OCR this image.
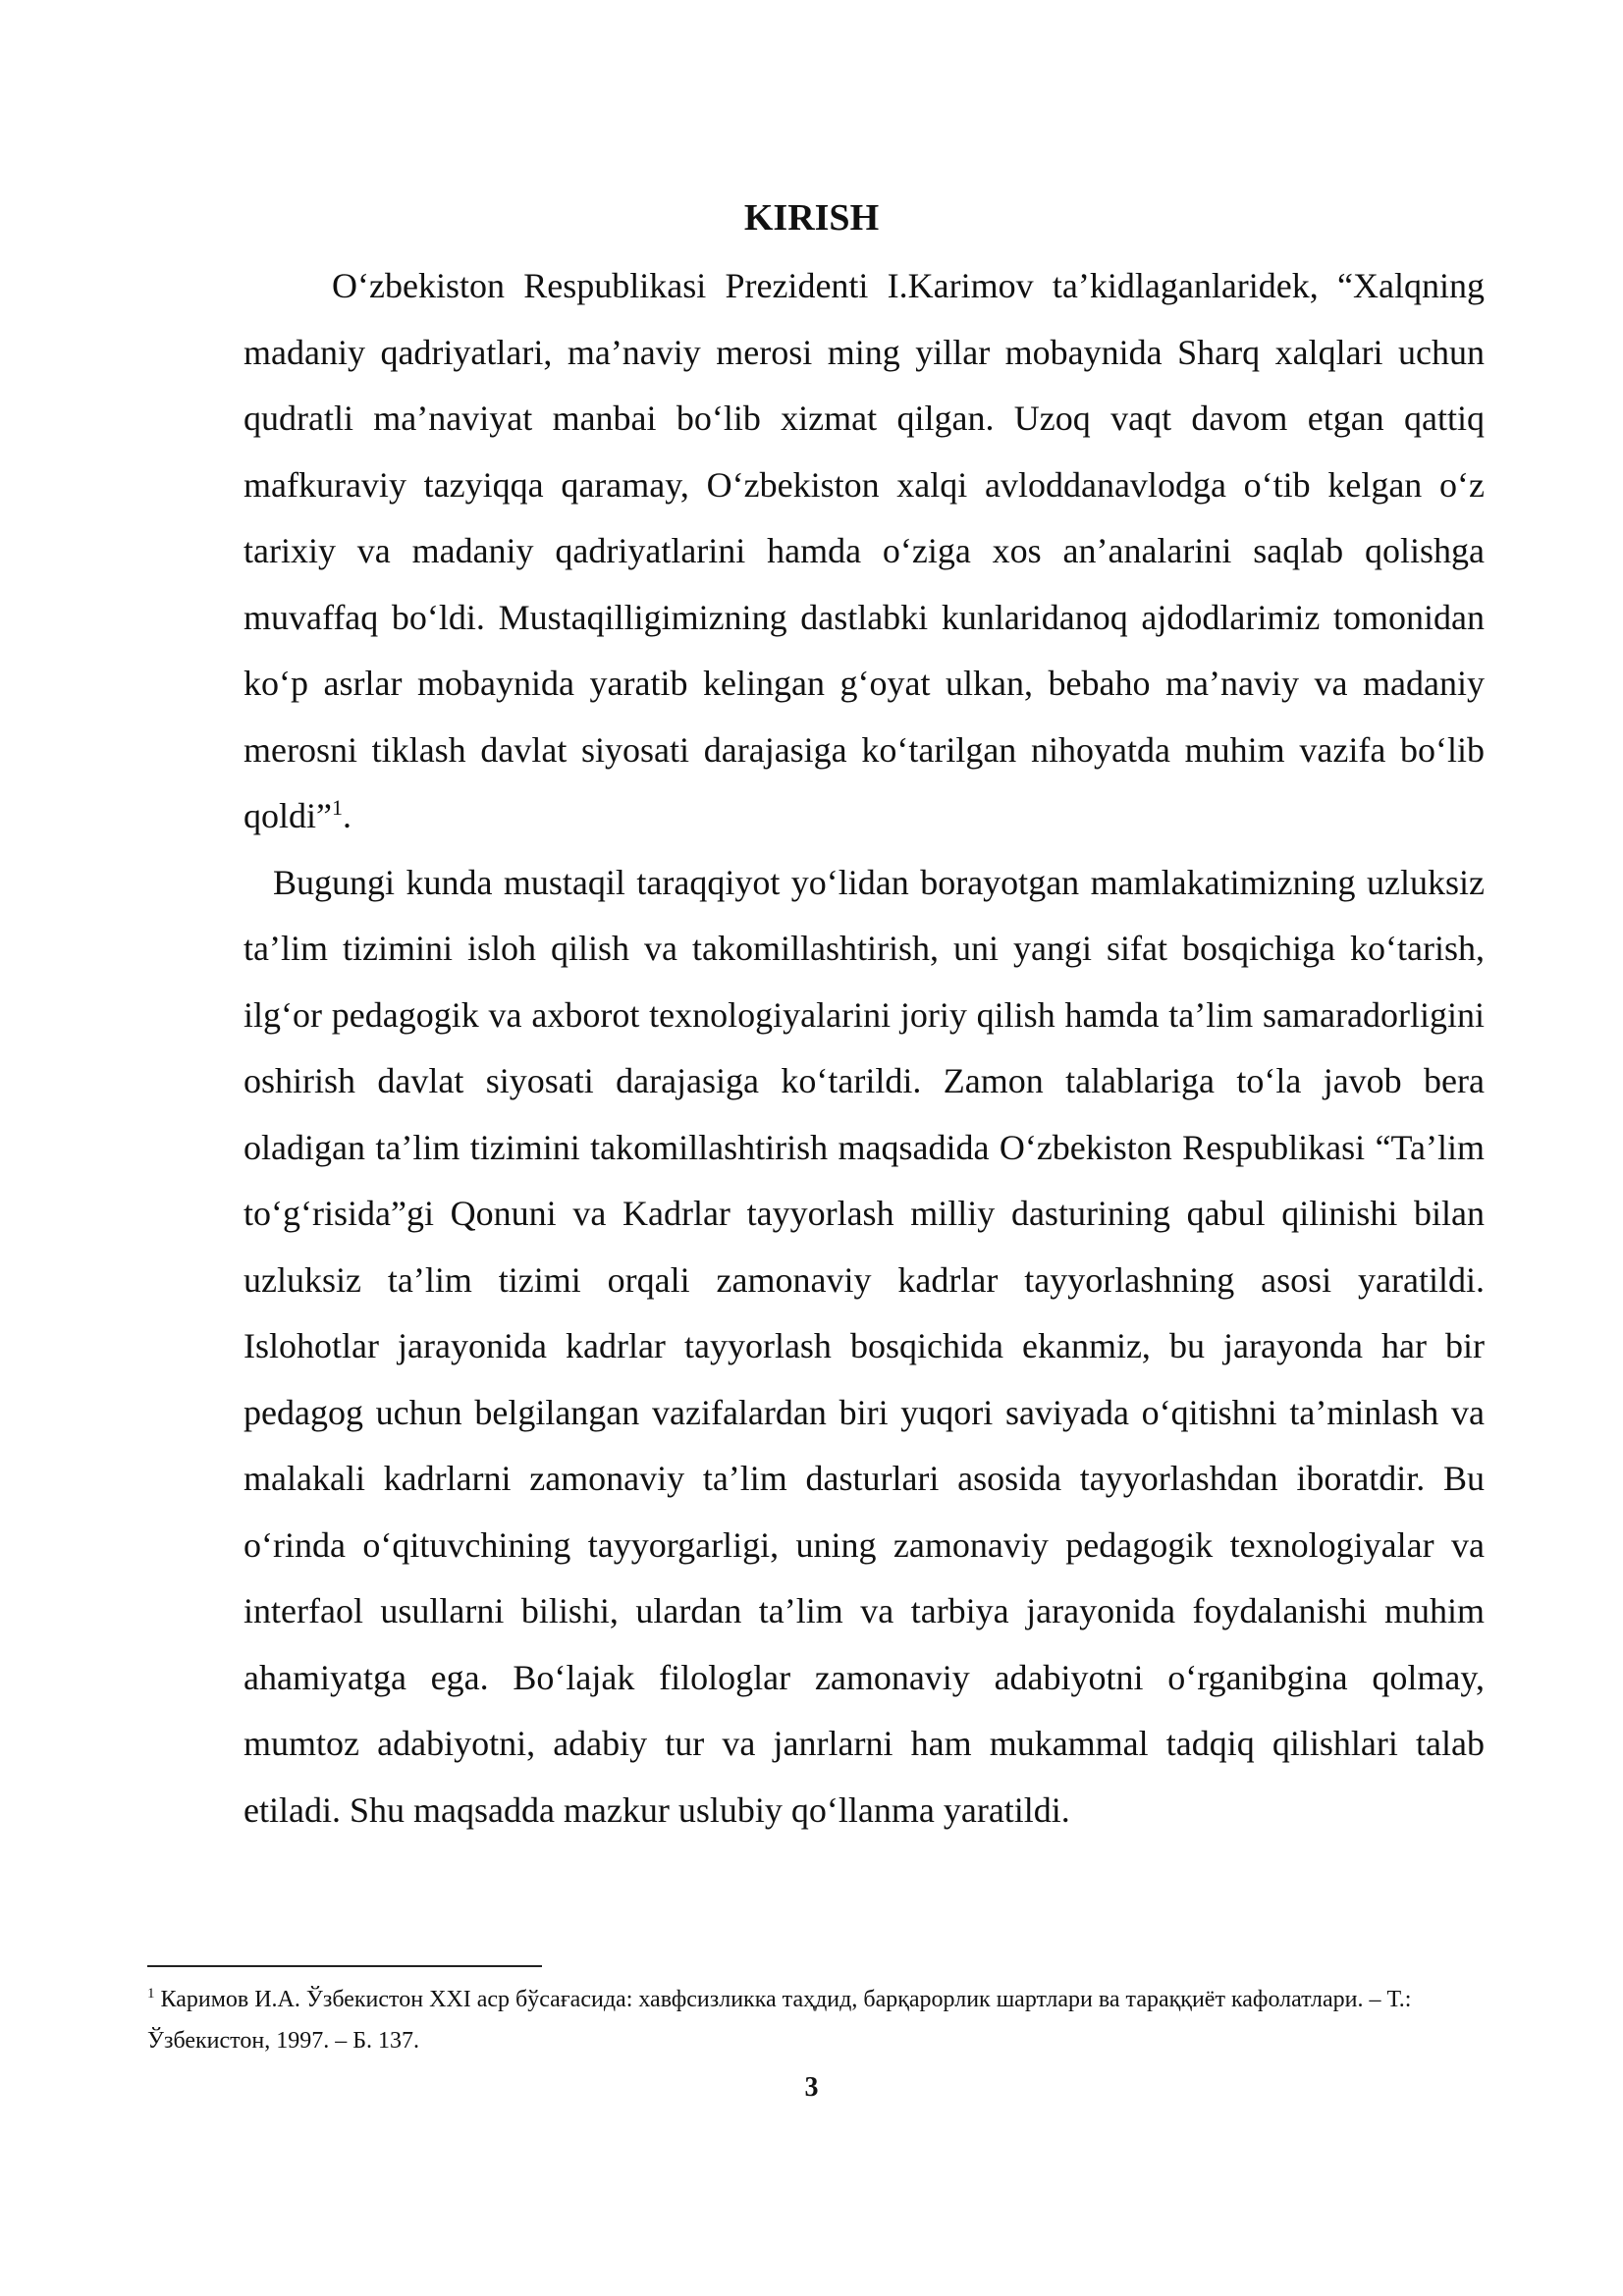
KIRISH

O‘zbekiston Respublikasi Prezidenti I.Karimov ta’kidlaganlaridek, “Xalqning madaniy qadriyatlari, ma’naviy merosi ming yillar mobaynida Sharq xalqlari uchun qudratli ma’naviyat manbai bo‘lib xizmat qilgan. Uzoq vaqt davom etgan qattiq mafkuraviy tazyiqqa qaramay, O‘zbekiston xalqi avloddanavlodga o‘tib kelgan o‘z tarixiy va madaniy qadriyatlarini hamda o‘ziga xos an’analarini saqlab qolishga muvaffaq bo‘ldi. Mustaqilligimizning dastlabki kunlaridanoq ajdodlarimiz tomonidan ko‘p asrlar mobaynida yaratib kelingan g‘oyat ulkan, bebaho ma’naviy va madaniy merosni tiklash davlat siyosati darajasiga ko‘tarilgan nihoyatda muhim vazifa bo‘lib qoldi”$^1$.

Bugungi kunda mustaqil taraqqiyot yo‘lidan borayotgan mamlakatimizning uzluksiz ta’lim tizimini isloh qilish va takomillashtirish, uni yangi sifat bosqichiga ko‘tarish, ilg‘or pedagogik va axborot texnologiyalarini joriy qilish hamda ta’lim samaradorligini oshirish davlat siyosati darajasiga ko‘tarildi. Zamon talablariga to‘la javob bera oladigan ta’lim tizimini takomillashtirish maqsadida O‘zbekiston Respublikasi “Ta’lim to‘g‘risida”gi Qonuni va Kadrlar tayyorlash milliy dasturining qabul qilinishi bilan uzluksiz ta’lim tizimi orqali zamonaviy kadrlar tayyorlashning asosi yaratildi. Islohotlar jarayonida kadrlar tayyorlash bosqichida ekanmiz, bu jarayonda har bir pedagog uchun belgilangan vazifalardan biri yuqori saviyada o‘qitishni ta’minlash va malakali kadrlarni zamonaviy ta’lim dasturlari asosida tayyorlashdan iboratdir. Bu o‘rinda o‘qituvchining tayyorgarligi, uning zamonaviy pedagogik texnologiyalar va interfaol usullarni bilishi, ulardan ta’lim va tarbiya jarayonida foydalanishi muhim ahamiyatga ega. Bo‘lajak filologlar zamonaviy adabiyotni o‘rganibgina qolmay, mumtoz adabiyotni, adabiy tur va janrlarni ham mukammal tadqiq qilishlari talab etiladi. Shu maqsadda mazkur uslubiy qo‘llanma yaratildi.

$^1$ Каримов И.А. Ўзбекистон XXI аср бўсағасида: хавфсизликка таҳдид, барқарорлик шартлари ва тараққиёт кафолатлари. – Т.: Ўзбекистон, 1997. – Б. 137.

3
